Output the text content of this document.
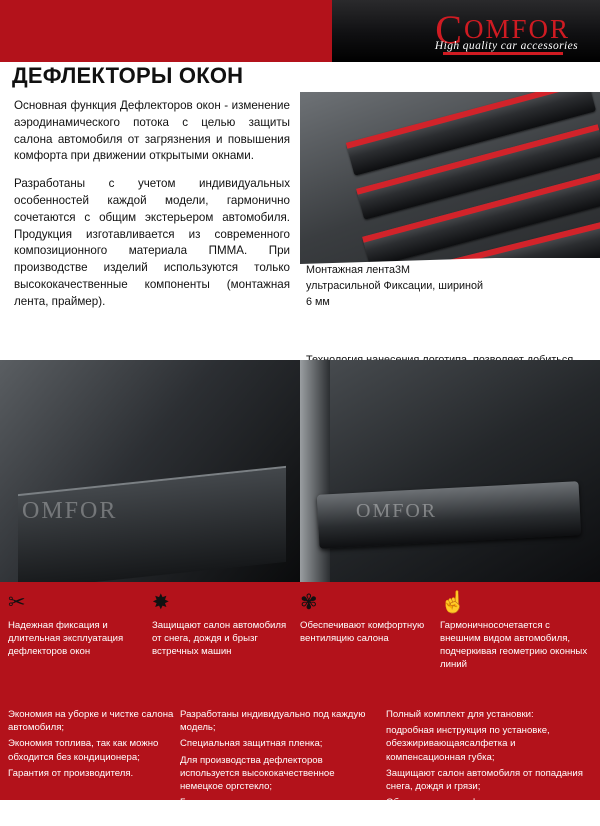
COMFOR
High quality car accessories
ДЕФЛЕКТОРЫ ОКОН

Основная функция Дефлекторов окон - изменение аэродинамического потока с целью защиты салона автомобиля от загрязнения и повышения комфорта при движении открытыми окнами.

Разработаны с учетом индивидуальных особенностей каждой модели, гармонично сочетаются с общим экстерьером автомобиля. Продукция изготавливается из современного композиционного материала ПММА. При производстве изделий используются только высококачественные компоненты (монтажная лента, праймер).

Монтажная лента3М ультрасильной Фиксации, шириной 6 мм
OMFOR	OMFOR
✂
Надежная фиксация и длительная эксплуатация дефлекторов окон
✸
Защищают салон автомобиля от снега, дождя и брызг встречных машин
✾
Обеспечивают комфортную вентиляцию салона
☝
Гармоничносочетается с внешним видом автомобиля, подчеркивая геометрию оконных линий
Экономия на уборке и чистке салона автомобиля;
Экономия топлива, так как можно обходится без кондиционера;
Гарантия от производителя.
Разработаны индивидуально под каждую модель;
Специальная защитная пленка;
Для производства дефлекторов используется высококачественное немецкое оргстекло;
Гармонично сочетаются с внешним видом автомобиля.
Полный комплект для установки:
подробная инструкция по установке, обезжиривающаясалфетка и компенсационная губка;
Защищают салон автомобиля от попадания снега, дождя и грязи;
Обеспечивают комфортную вентиляциюсалона.
